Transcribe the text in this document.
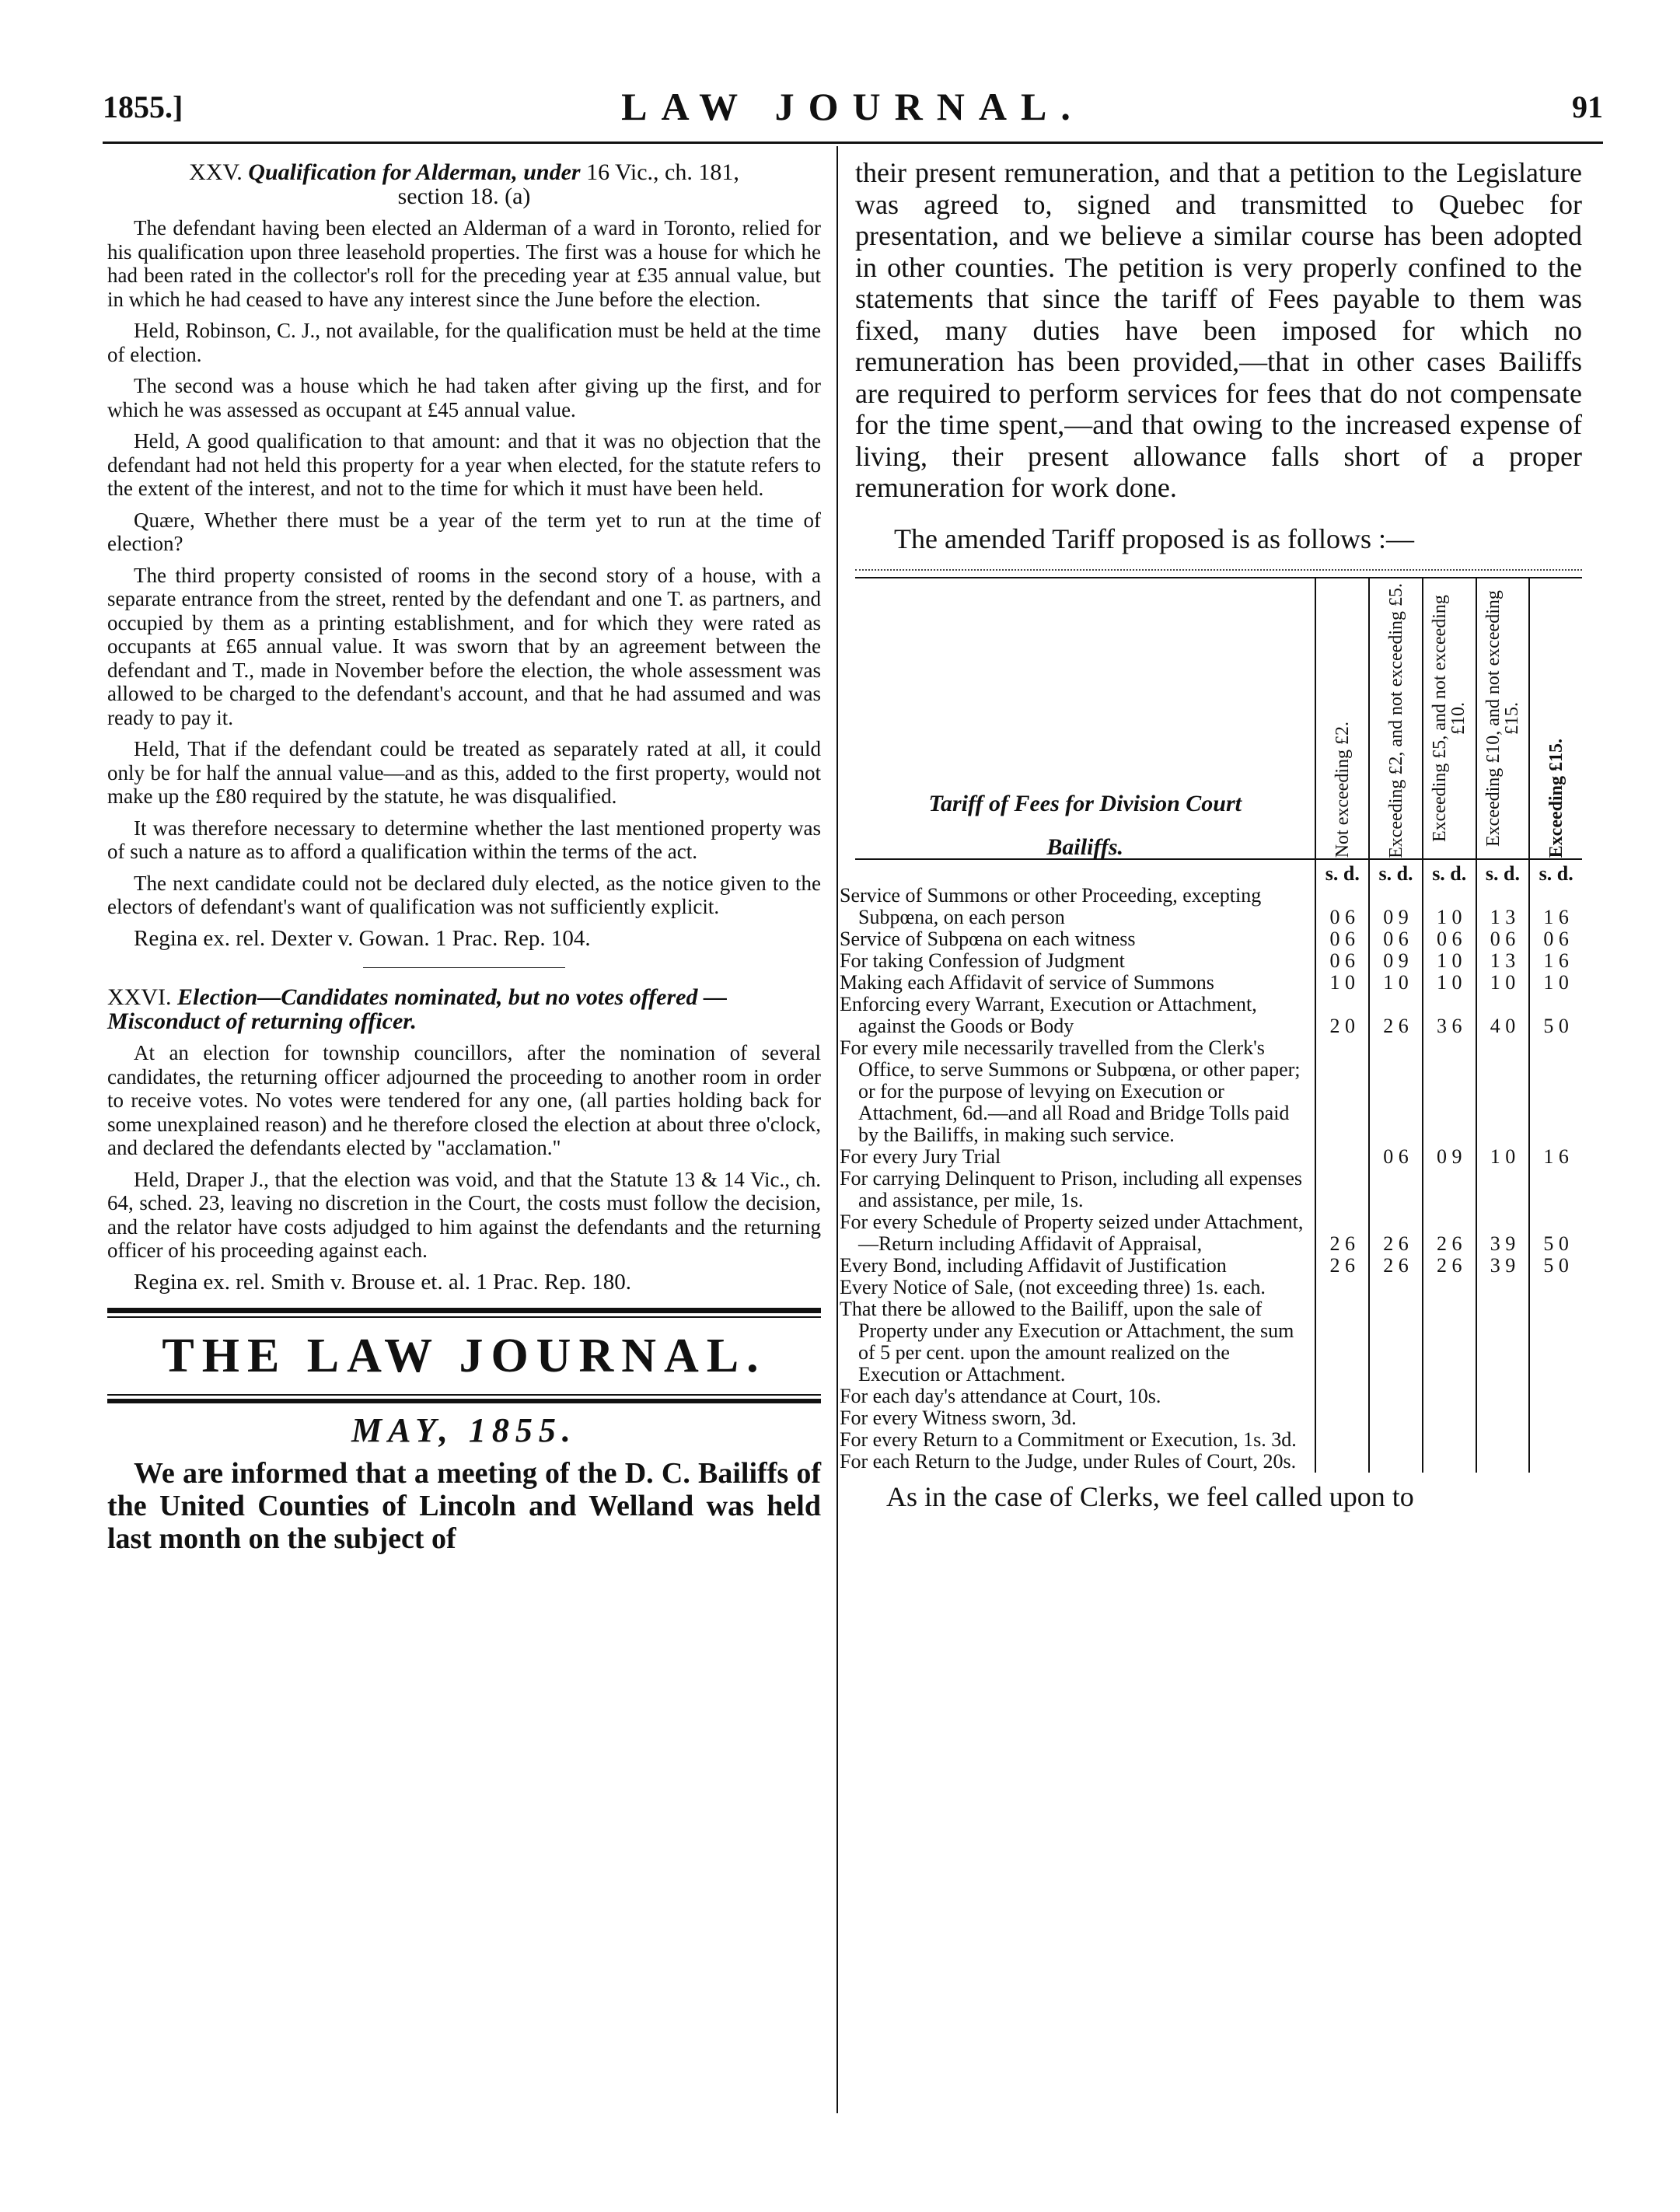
1855.]	LAW JOURNAL.	91
XXV. Qualification for Alderman, under 16 Vic., ch. 181,
section 18. (a)
The defendant having been elected an Alderman of a ward in Toronto, relied for his qualification upon three leasehold properties. The first was a house for which he had been rated in the collector's roll for the preceding year at £35 annual value, but in which he had ceased to have any interest since the June before the election.
Held, Robinson, C. J., not available, for the qualification must be held at the time of election.
The second was a house which he had taken after giving up the first, and for which he was assessed as occupant at £45 annual value.
Held, A good qualification to that amount: and that it was no objection that the defendant had not held this property for a year when elected, for the statute refers to the extent of the interest, and not to the time for which it must have been held.
Quære, Whether there must be a year of the term yet to run at the time of election?
The third property consisted of rooms in the second story of a house, with a separate entrance from the street, rented by the defendant and one T. as partners, and occupied by them as a printing establishment, and for which they were rated as occupants at £65 annual value. It was sworn that by an agreement between the defendant and T., made in November before the election, the whole assessment was allowed to be charged to the defendant's account, and that he had assumed and was ready to pay it.
Held, That if the defendant could be treated as separately rated at all, it could only be for half the annual value—and as this, added to the first property, would not make up the £80 required by the statute, he was disqualified.
It was therefore necessary to determine whether the last mentioned property was of such a nature as to afford a qualification within the terms of the act.
The next candidate could not be declared duly elected, as the notice given to the electors of defendant's want of qualification was not sufficiently explicit.
Regina ex. rel. Dexter v. Gowan. 1 Prac. Rep. 104.
XXVI. Election—Candidates nominated, but no votes offered —Misconduct of returning officer.
At an election for township councillors, after the nomination of several candidates, the returning officer adjourned the proceeding to another room in order to receive votes. No votes were tendered for any one, (all parties holding back for some unexplained reason) and he therefore closed the election at about three o'clock, and declared the defendants elected by "acclamation."
Held, Draper J., that the election was void, and that the Statute 13 & 14 Vic., ch. 64, sched. 23, leaving no discretion in the Court, the costs must follow the decision, and the relator have costs adjudged to him against the defendants and the returning officer of his proceeding against each.
Regina ex. rel. Smith v. Brouse et. al. 1 Prac. Rep. 180.
THE LAW JOURNAL.
MAY, 1855.
We are informed that a meeting of the D. C. Bailiffs of the United Counties of Lincoln and Welland was held last month on the subject of
their present remuneration, and that a petition to the Legislature was agreed to, signed and transmitted to Quebec for presentation, and we believe a similar course has been adopted in other counties. The petition is very properly confined to the statements that since the tariff of Fees payable to them was fixed, many duties have been imposed for which no remuneration has been provided,—that in other cases Bailiffs are required to perform services for fees that do not compensate for the time spent,—and that owing to the increased expense of living, their present allowance falls short of a proper remuneration for work done.
The amended Tariff proposed is as follows :—
Tariff of Fees for Division Court

Bailiffs.	Not exceeding £2.	Exceeding £2, and not exceeding £5.	Exceeding £5, and not exceeding £10.	Exceeding £10, and not exceeding £15.	Exceeding £15.

	s. d.	s. d.	s. d.	s. d.	s. d.
Service of Summons or other Proceeding, excepting Subpœna, on each person	0 6	0 9	1 0	1 3	1 6
Service of Subpœna on each witness	0 6	0 6	0 6	0 6	0 6
For taking Confession of Judgment	0 6	0 9	1 0	1 3	1 6
Making each Affidavit of service of Summons	1 0	1 0	1 0	1 0	1 0
Enforcing every Warrant, Execution or Attachment, against the Goods or Body	2 0	2 6	3 6	4 0	5 0
For every mile necessarily travelled from the Clerk's Office, to serve Summons or Subpœna, or other paper; or for the purpose of levying on Execution or Attachment, 6d.—and all Road and Bridge Tolls paid by the Bailiffs, in making such service.					
For every Jury Trial		0 6	0 9	1 0	1 6
For carrying Delinquent to Prison, including all expenses and assistance, per mile, 1s.					
For every Schedule of Property seized under Attachment,—Return including Affidavit of Appraisal,	2 6	2 6	2 6	3 9	5 0
Every Bond, including Affidavit of Justification	2 6	2 6	2 6	3 9	5 0
Every Notice of Sale, (not exceeding three) 1s. each.					
That there be allowed to the Bailiff, upon the sale of Property under any Execution or Attachment, the sum of 5 per cent. upon the amount realized on the Execution or Attachment.					
For each day's attendance at Court, 10s.					
For every Witness sworn, 3d.					
For every Return to a Commitment or Execution, 1s. 3d.					
For each Return to the Judge, under Rules of Court, 20s.					
As in the case of Clerks, we feel called upon to
